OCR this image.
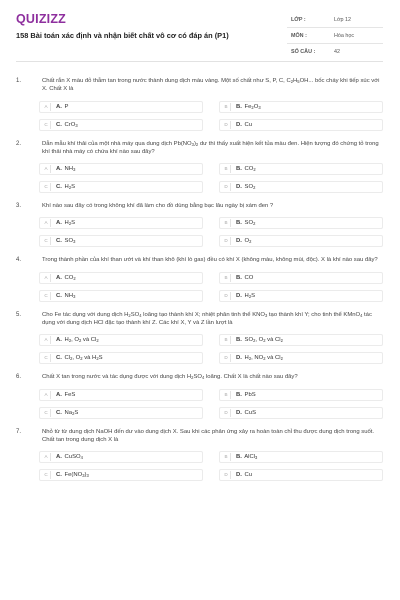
QUIZIZZ
158 Bài toán xác định và nhận biết chất vô cơ có đáp án (P1)
LỚP :	Lớp 12
MÔN :	Hóa học
SỐ CÂU :	42
1.	Chất rắn X màu đỏ thẫm tan trong nước thành dung dịch màu vàng. Một số chất như S, P, C, $C_2H_5OH$... bốc cháy khi tiếp xúc với X. Chất X là
A	A. P	B	B. $Fe_2O_3$
C	C. CrO$_3$	D	D. Cu
2.	Dẫn mẫu khí thải của một nhà máy qua dung dịch $Pb(NO_3)_2$ dư thì thấy xuất hiện kết tủa màu đen. Hiện tượng đó chứng tỏ trong khí thải nhà máy có chứa khí nào sau đây?
A	A. $NH_3$	B	B. $CO_2$
C	C. $H_2S$	D	D. $SO_2$
3.	Khí nào sau đây có trong không khí đã làm cho đồ dùng bằng bạc lâu ngày bị xám đen ?
A	A. $H_2S$	B	B. $SO_2$
C	C. $SO_3$	D	D. $O_2$
4.	Trong thành phần của khí than ướt và khí than khô (khí lò gas) đều có khí X (không màu, không mùi, độc). X là khí nào sau đây?
A	A. $CO_2$	B	B. CO
C	C. $NH_3$	D	D. $H_2S$
5.	Cho Fe tác dụng với dung dịch $H_2SO_4$ loãng tạo thành khí X; nhiệt phân tinh thể $KNO_3$ tạo thành khí Y; cho tinh thể KMnO$_4$ tác dụng với dung dịch HCl đặc tạo thành khí Z. Các khí X, Y và Z lần lượt là
A	A. $H_2$, $O_2$ và $Cl_2$	B	B. $SO_2$, $O_2$ và $Cl_2$
C	C. $Cl_2$, $O_2$ và $H_2S$	D	D. $H_2$, $NO_2$ và $Cl_2$
6.	Chất X tan trong nước và tác dụng được với dung dịch $H_2SO_4$ loãng. Chất X là chất nào sau đây?
A	A. FeS	B	B. PbS
C	C. $Na_2S$	D	D. CuS
7.	Nhỏ từ từ dung dịch NaOH đến dư vào dung dịch X. Sau khi các phản ứng xảy ra hoàn toàn chỉ thu được dung dịch trong suốt. Chất tan trong dung dịch X là
A	A. CuSO$_4$	B	B. AlCl$_3$
C	C. $Fe(NO_3)_3$	D	D. Cu
